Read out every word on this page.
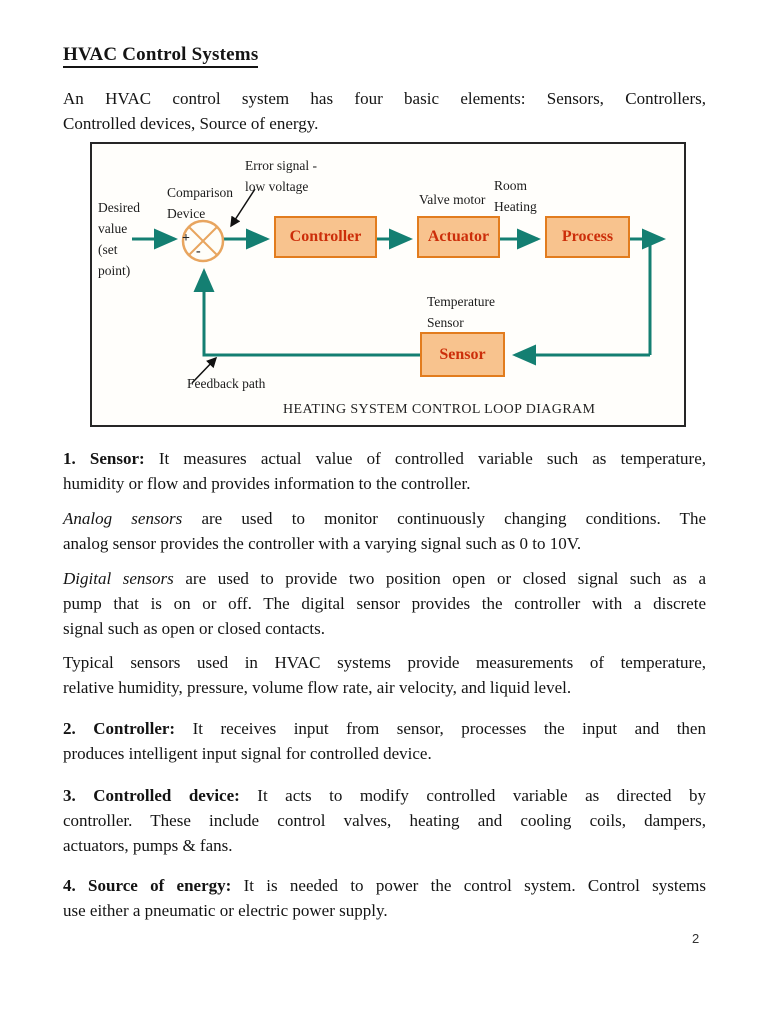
HVAC Control Systems
An HVAC control system has four basic elements: Sensors, Controllers,
Controlled devices, Source of energy.
Desired
value
(set
point)
Comparison
Device
Error signal -
low voltage
Valve motor
Room
Heating
Temperature
Sensor
Feedback path
+
-
Controller	Actuator	Process
Sensor
HEATING SYSTEM CONTROL LOOP DIAGRAM
1. Sensor: It measures actual value of controlled variable such as temperature,
humidity or flow and provides information to the controller.
Analog sensors are used to monitor continuously changing conditions. The
analog sensor provides the controller with a varying signal such as 0 to 10V.
Digital sensors are used to provide two position open or closed signal such as a
pump that is on or off. The digital sensor provides the controller with a discrete
signal such as open or closed contacts.
Typical sensors used in HVAC systems provide measurements of temperature,
relative humidity, pressure, volume flow rate, air velocity, and liquid level.
2. Controller: It receives input from sensor, processes the input and then
produces intelligent input signal for controlled device.
3. Controlled device: It acts to modify controlled variable as directed by
controller. These include control valves, heating and cooling coils, dampers,
actuators, pumps & fans.
4. Source of energy: It is needed to power the control system. Control systems
use either a pneumatic or electric power supply.
2
